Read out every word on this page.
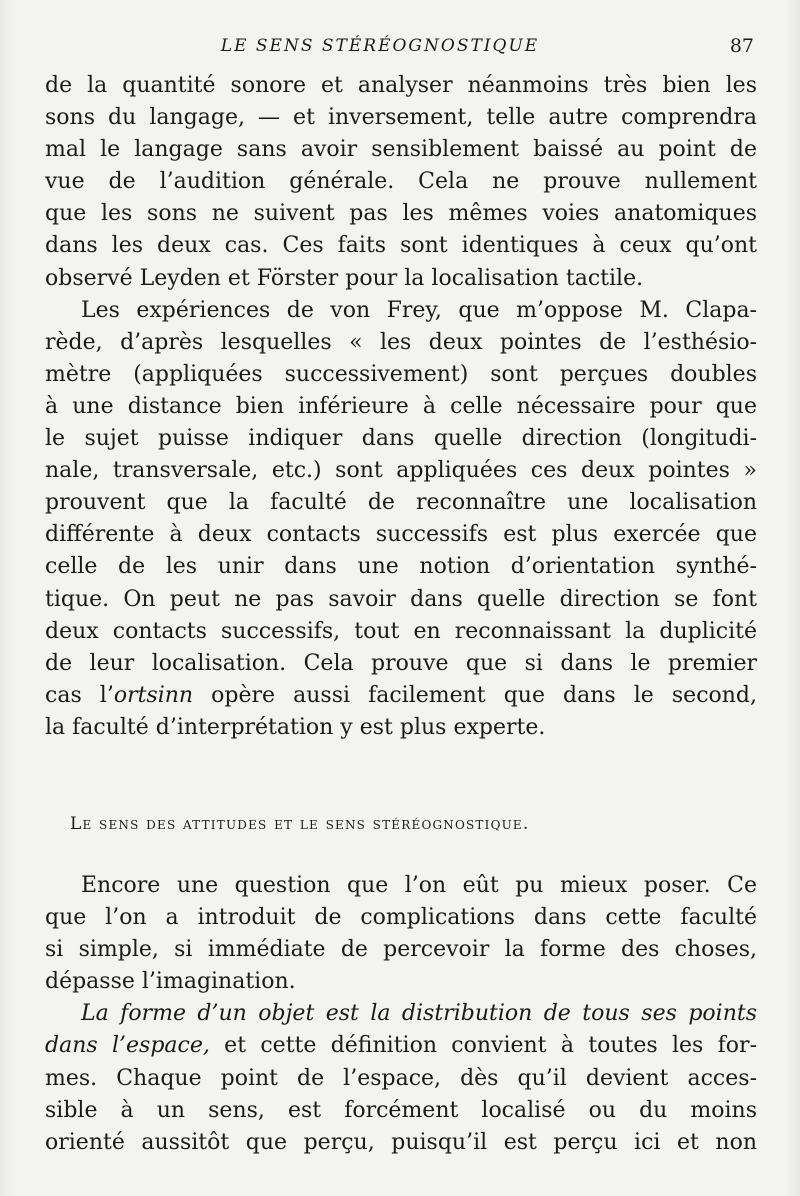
LE SENS STÉRÉOGNOSTIQUE	87
de la quantité sonore et analyser néanmoins très bien les
sons du langage, — et inversement, telle autre comprendra
mal le langage sans avoir sensiblement baissé au point de
vue de l’audition générale. Cela ne prouve nullement
que les sons ne suivent pas les mêmes voies anatomiques
dans les deux cas. Ces faits sont identiques à ceux qu’ont
observé Leyden et Förster pour la localisation tactile.
Les expériences de von Frey, que m’oppose M. Clapa-
rède, d’après lesquelles « les deux pointes de l’esthésio-
mètre (appliquées successivement) sont perçues doubles
à une distance bien inférieure à celle nécessaire pour que
le sujet puisse indiquer dans quelle direction (longitudi-
nale, transversale, etc.) sont appliquées ces deux pointes »
prouvent que la faculté de reconnaître une localisation
différente à deux contacts successifs est plus exercée que
celle de les unir dans une notion d’orientation synthé-
tique. On peut ne pas savoir dans quelle direction se font
deux contacts successifs, tout en reconnaissant la duplicité
de leur localisation. Cela prouve que si dans le premier
cas l’ortsinn opère aussi facilement que dans le second,
la faculté d’interprétation y est plus experte.
Le sens des attitudes et le sens stéréognostique.
Encore une question que l’on eût pu mieux poser. Ce
que l’on a introduit de complications dans cette faculté
si simple, si immédiate de percevoir la forme des choses,
dépasse l’imagination.
La forme d’un objet est la distribution de tous ses points
dans l’espace, et cette définition convient à toutes les for-
mes. Chaque point de l’espace, dès qu’il devient acces-
sible à un sens, est forcément localisé ou du moins
orienté aussitôt que perçu, puisqu’il est perçu ici et non
